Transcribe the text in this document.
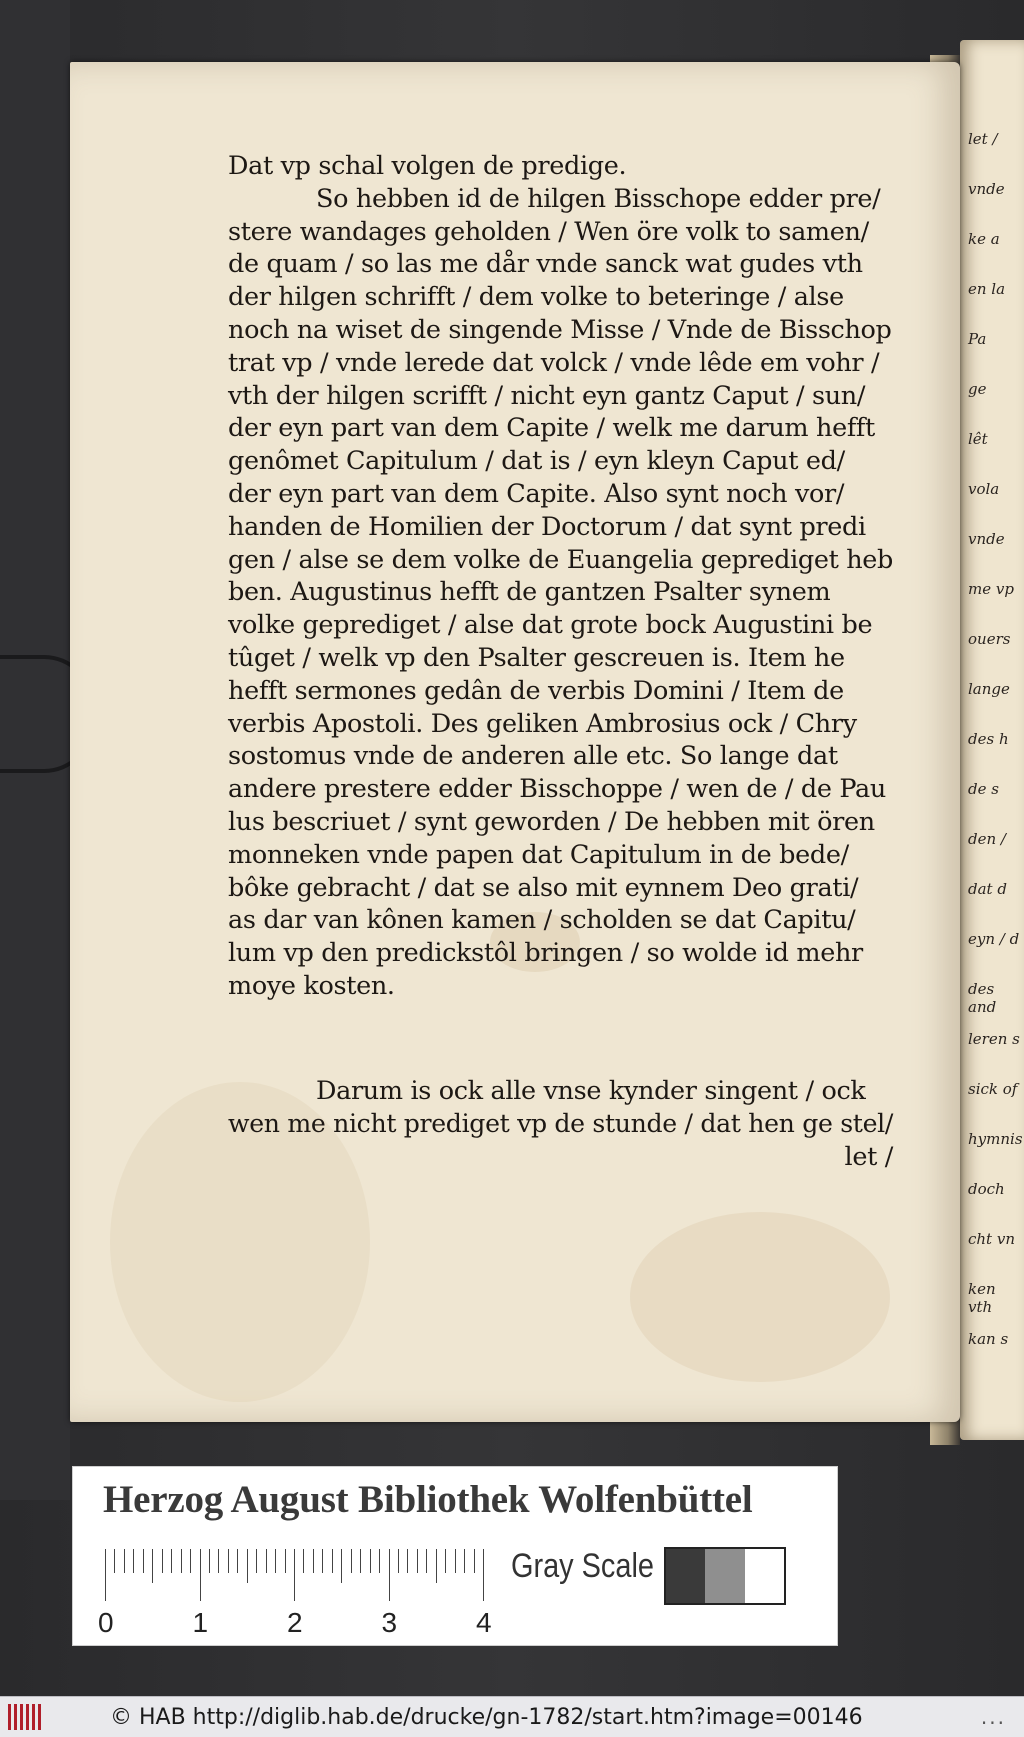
let /
vnde
ke a
en la
Pa
ge
lêt
vola
vnde
me vp
ouers
lange
des h
de s
den /
dat d
eyn / d
des and
leren s
sick of
hymnis
doch
cht vn
ken vth
kan s
Dat vp schal volgen de predige.
So hebben id de hilgen Bisschope edder pre/
stere wandages geholden / Wen öre volk to samen/
de quam / so las me dår vnde sanck wat gudes vth
der hilgen schrifft / dem volke to beteringe / alse
noch na wiset de singende Misse / Vnde de Bisschop
trat vp / vnde lerede dat volck / vnde lêde em vohr /
vth der hilgen scrifft / nicht eyn gantz Caput / sun/
der eyn part van dem Capite / welk me darum hefft
genômet Capitulum / dat is / eyn kleyn Caput ed/
der eyn part van dem Capite. Also synt noch vor/
handen de Homilien der Doctorum / dat synt predi
gen / alse se dem volke de Euangelia geprediget heb
ben. Augustinus hefft de gantzen Psalter synem
volke geprediget / alse dat grote bock Augustini be
tûget / welk vp den Psalter gescreuen is. Item he
hefft sermones gedân de verbis Domini / Item de
verbis Apostoli. Des geliken Ambrosius ock / Chry
sostomus vnde de anderen alle etc. So lange dat
andere prestere edder Bisschoppe / wen de / de Pau
lus bescriuet / synt geworden / De hebben mit ören
monneken vnde papen dat Capitulum in de bede/
bôke gebracht / dat se also mit eynnem Deo grati/
as dar van kônen kamen / scholden se dat Capitu/
lum vp den predickstôl bringen / so wolde id mehr
moye kosten.
Darum is ock alle vnse kynder singent / ock
wen me nicht prediget vp de stunde / dat hen ge stel/
let /
Herzog August Bibliothek Wolfenbüttel
0	1	2	3	4
Gray Scale
© HAB http://diglib.hab.de/drucke/gn-1782/start.htm?image=00146	...
